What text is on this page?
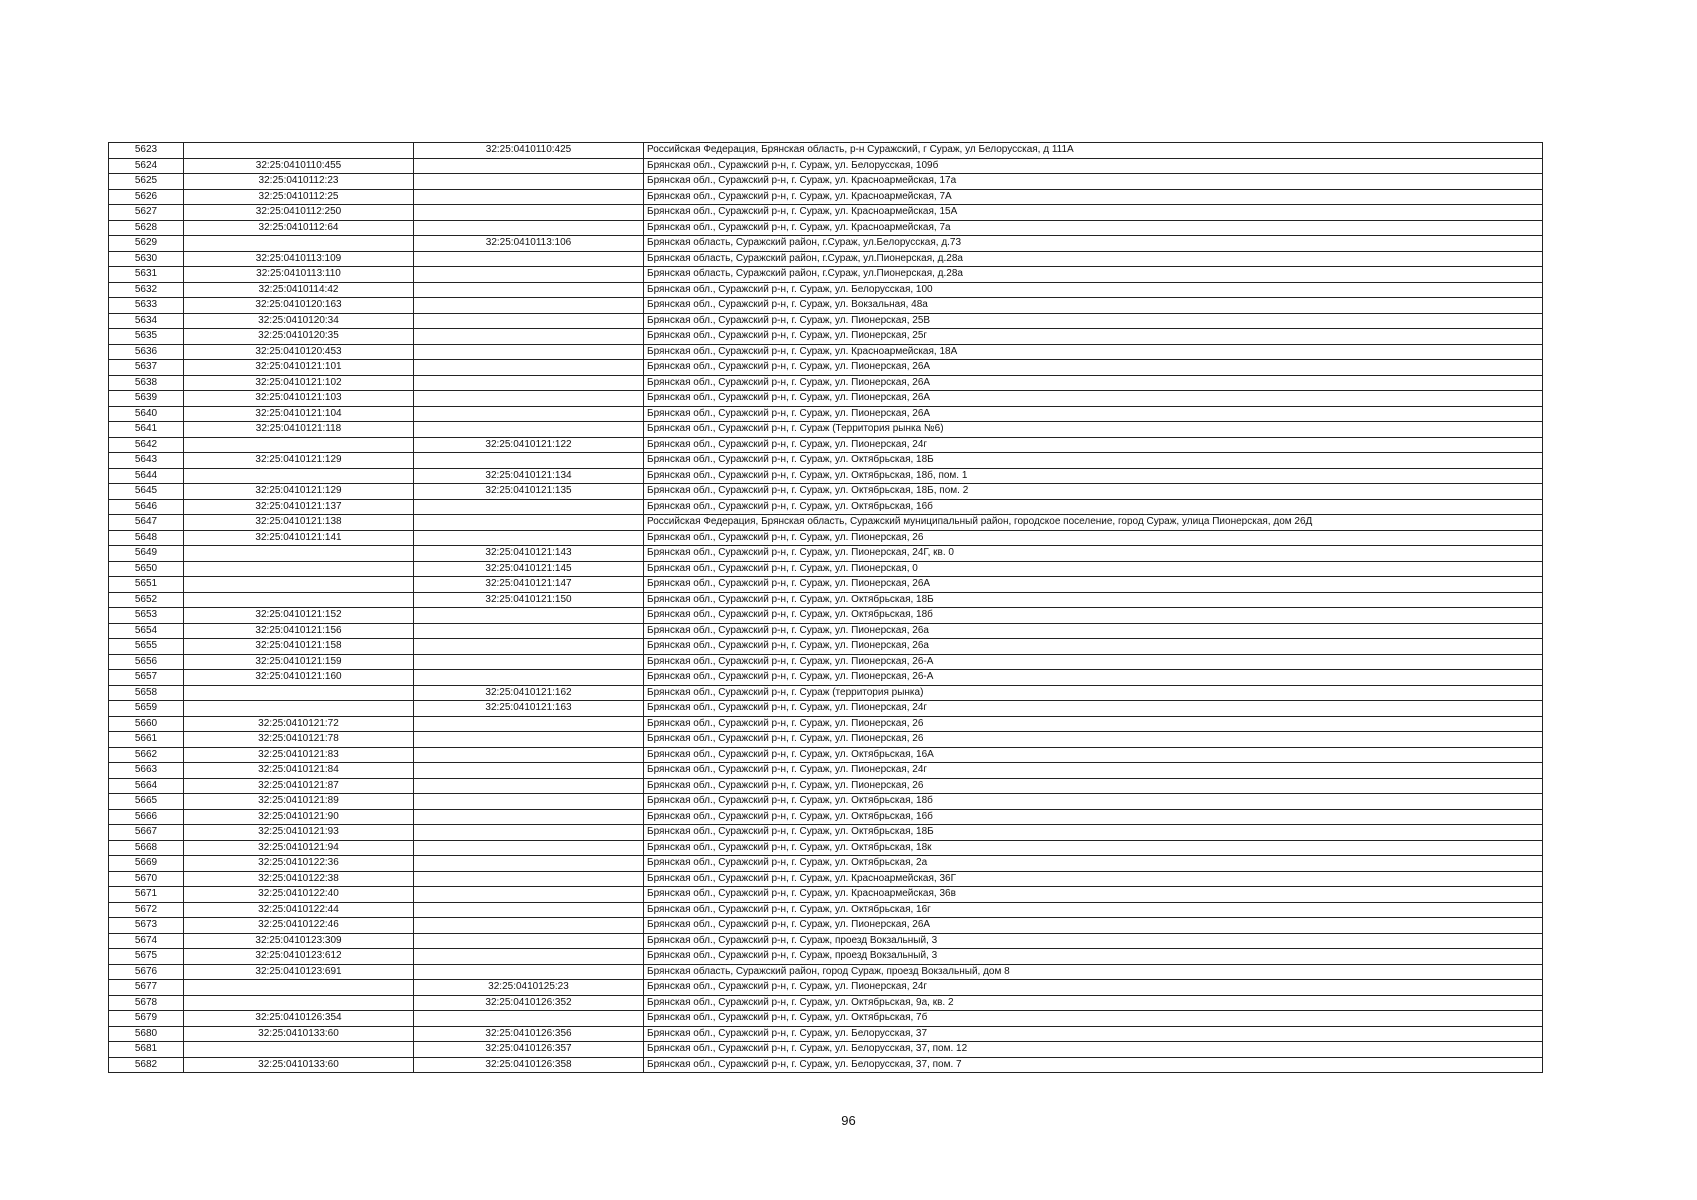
5623		32:25:0410110:425	Российская Федерация, Брянская область, р-н Суражский, г Сураж, ул Белорусская, д 111А
5624	32:25:0410110:455		Брянская обл., Суражский р-н, г. Сураж, ул. Белорусская, 109б
5625	32:25:0410112:23		Брянская обл., Суражский р-н, г. Сураж, ул. Красноармейская, 17а
5626	32:25:0410112:25		Брянская обл., Суражский р-н, г. Сураж, ул. Красноармейская, 7А
5627	32:25:0410112:250		Брянская обл., Суражский р-н, г. Сураж, ул. Красноармейская, 15А
5628	32:25:0410112:64		Брянская обл., Суражский р-н, г. Сураж, ул. Красноармейская, 7а
5629		32:25:0410113:106	Брянская область, Суражский район, г.Сураж, ул.Белорусская, д.73
5630	32:25:0410113:109		Брянская область, Суражский район, г.Сураж, ул.Пионерская, д.28а
5631	32:25:0410113:110		Брянская область, Суражский район, г.Сураж, ул.Пионерская, д.28а
5632	32:25:0410114:42		Брянская обл., Суражский р-н, г. Сураж, ул. Белорусская, 100
5633	32:25:0410120:163		Брянская обл., Суражский р-н, г. Сураж, ул. Вокзальная, 48а
5634	32:25:0410120:34		Брянская обл., Суражский р-н, г. Сураж, ул. Пионерская, 25В
5635	32:25:0410120:35		Брянская обл., Суражский р-н, г. Сураж, ул. Пионерская, 25г
5636	32:25:0410120:453		Брянская обл., Суражский р-н, г. Сураж, ул. Красноармейская, 18А
5637	32:25:0410121:101		Брянская обл., Суражский р-н, г. Сураж, ул. Пионерская, 26А
5638	32:25:0410121:102		Брянская обл., Суражский р-н, г. Сураж, ул. Пионерская, 26А
5639	32:25:0410121:103		Брянская обл., Суражский р-н, г. Сураж, ул. Пионерская, 26А
5640	32:25:0410121:104		Брянская обл., Суражский р-н, г. Сураж, ул. Пионерская, 26А
5641	32:25:0410121:118		Брянская обл., Суражский р-н, г. Сураж (Территория рынка №6)
5642		32:25:0410121:122	Брянская обл., Суражский р-н, г. Сураж, ул. Пионерская, 24г
5643	32:25:0410121:129		Брянская обл., Суражский р-н, г. Сураж, ул. Октябрьская, 18Б
5644		32:25:0410121:134	Брянская обл., Суражский р-н, г. Сураж, ул. Октябрьская, 18б, пом. 1
5645	32:25:0410121:129	32:25:0410121:135	Брянская обл., Суражский р-н, г. Сураж, ул. Октябрьская, 18Б, пом. 2
5646	32:25:0410121:137		Брянская обл., Суражский р-н, г. Сураж, ул. Октябрьская, 16б
5647	32:25:0410121:138		Российская Федерация, Брянская область, Суражский муниципальный район, городское поселение, город Сураж, улица Пионерская, дом 26Д
5648	32:25:0410121:141		Брянская обл., Суражский р-н, г. Сураж, ул. Пионерская, 26
5649		32:25:0410121:143	Брянская обл., Суражский р-н, г. Сураж, ул. Пионерская, 24Г, кв. 0
5650		32:25:0410121:145	Брянская обл., Суражский р-н, г. Сураж, ул. Пионерская, 0
5651		32:25:0410121:147	Брянская обл., Суражский р-н, г. Сураж, ул. Пионерская, 26А
5652		32:25:0410121:150	Брянская обл., Суражский р-н, г. Сураж, ул. Октябрьская, 18Б
5653	32:25:0410121:152		Брянская обл., Суражский р-н, г. Сураж, ул. Октябрьская, 18б
5654	32:25:0410121:156		Брянская обл., Суражский р-н, г. Сураж, ул. Пионерская, 26а
5655	32:25:0410121:158		Брянская обл., Суражский р-н, г. Сураж, ул. Пионерская, 26а
5656	32:25:0410121:159		Брянская обл., Суражский р-н, г. Сураж, ул. Пионерская, 26-А
5657	32:25:0410121:160		Брянская обл., Суражский р-н, г. Сураж, ул. Пионерская, 26-А
5658		32:25:0410121:162	Брянская обл., Суражский р-н, г. Сураж (территория рынка)
5659		32:25:0410121:163	Брянская обл., Суражский р-н, г. Сураж, ул. Пионерская, 24г
5660	32:25:0410121:72		Брянская обл., Суражский р-н, г. Сураж, ул. Пионерская, 26
5661	32:25:0410121:78		Брянская обл., Суражский р-н, г. Сураж, ул. Пионерская, 26
5662	32:25:0410121:83		Брянская обл., Суражский р-н, г. Сураж, ул. Октябрьская, 16А
5663	32:25:0410121:84		Брянская обл., Суражский р-н, г. Сураж, ул. Пионерская, 24г
5664	32:25:0410121:87		Брянская обл., Суражский р-н, г. Сураж, ул. Пионерская, 26
5665	32:25:0410121:89		Брянская обл., Суражский р-н, г. Сураж, ул. Октябрьская, 18б
5666	32:25:0410121:90		Брянская обл., Суражский р-н, г. Сураж, ул. Октябрьская, 16б
5667	32:25:0410121:93		Брянская обл., Суражский р-н, г. Сураж, ул. Октябрьская, 18Б
5668	32:25:0410121:94		Брянская обл., Суражский р-н, г. Сураж, ул. Октябрьская, 18к
5669	32:25:0410122:36		Брянская обл., Суражский р-н, г. Сураж, ул. Октябрьская, 2а
5670	32:25:0410122:38		Брянская обл., Суражский р-н, г. Сураж, ул. Красноармейская, 36Г
5671	32:25:0410122:40		Брянская обл., Суражский р-н, г. Сураж, ул. Красноармейская, 36в
5672	32:25:0410122:44		Брянская обл., Суражский р-н, г. Сураж, ул. Октябрьская, 16г
5673	32:25:0410122:46		Брянская обл., Суражский р-н, г. Сураж, ул. Пионерская, 26А
5674	32:25:0410123:309		Брянская обл., Суражский р-н, г. Сураж, проезд Вокзальный, 3
5675	32:25:0410123:612		Брянская обл., Суражский р-н, г. Сураж, проезд Вокзальный, 3
5676	32:25:0410123:691		Брянская область, Суражский район, город Сураж, проезд Вокзальный, дом 8
5677		32:25:0410125:23	Брянская обл., Суражский р-н, г. Сураж, ул. Пионерская, 24г
5678		32:25:0410126:352	Брянская обл., Суражский р-н, г. Сураж, ул. Октябрьская, 9а, кв. 2
5679	32:25:0410126:354		Брянская обл., Суражский р-н, г. Сураж, ул. Октябрьская, 7б
5680	32:25:0410133:60	32:25:0410126:356	Брянская обл., Суражский р-н, г. Сураж, ул. Белорусская, 37
5681		32:25:0410126:357	Брянская обл., Суражский р-н, г. Сураж, ул. Белорусская, 37, пом. 12
5682	32:25:0410133:60	32:25:0410126:358	Брянская обл., Суражский р-н, г. Сураж, ул. Белорусская, 37, пом. 7
96
